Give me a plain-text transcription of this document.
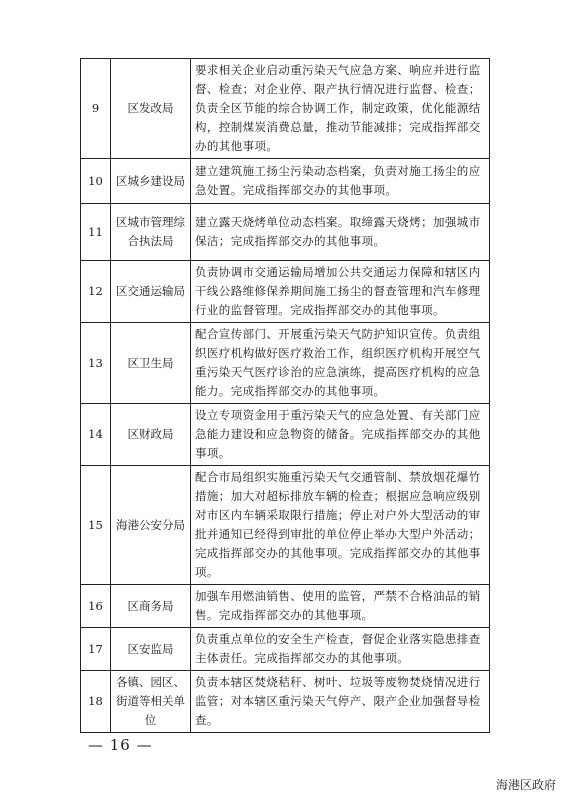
9	区发改局	要求相关企业启动重污染天气应急方案、响应并进行监督、检查；对企业停、限产执行情况进行监督、检查；负责全区节能的综合协调工作，制定政策，优化能源结构，控制煤炭消费总量，推动节能减排；完成指挥部交办的其他事项。
10	区城乡建设局	建立建筑施工扬尘污染动态档案，负责对施工扬尘的应急处置。完成指挥部交办的其他事项。
11	区城市管理综合执法局	建立露天烧烤单位动态档案。取缔露天烧烤；加强城市保洁；完成指挥部交办的其他事项。
12	区交通运输局	负责协调市交通运输局增加公共交通运力保障和辖区内干线公路维修保养期间施工扬尘的督查管理和汽车修理行业的监督管理。完成指挥部交办的其他事项。
13	区卫生局	配合宣传部门、开展重污染天气防护知识宣传。负责组织医疗机构做好医疗救治工作，组织医疗机构开展空气重污染天气医疗诊治的应急演练，提高医疗机构的应急能力。完成指挥部交办的其他事项。
14	区财政局	设立专项资金用于重污染天气的应急处置、有关部门应急能力建设和应急物资的储备。完成指挥部交办的其他事项。
15	海港公安分局	配合市局组织实施重污染天气交通管制、禁放烟花爆竹措施；加大对超标排放车辆的检查；根据应急响应级别对市区内车辆采取限行措施；停止对户外大型活动的审批并通知已经得到审批的单位停止举办大型户外活动；完成指挥部交办的其他事项。完成指挥部交办的其他事项。
16	区商务局	加强车用燃油销售、使用的监管，严禁不合格油品的销售。完成指挥部交办的其他事项。
17	区安监局	负责重点单位的安全生产检查，督促企业落实隐患排查主体责任。完成指挥部交办的其他事项。
18	各镇、园区、街道等相关单位	负责本辖区焚烧秸秆、树叶、垃圾等废物焚烧情况进行监管；对本辖区重污染天气停产、限产企业加强督导检查。
— 16 —
海港区政府
